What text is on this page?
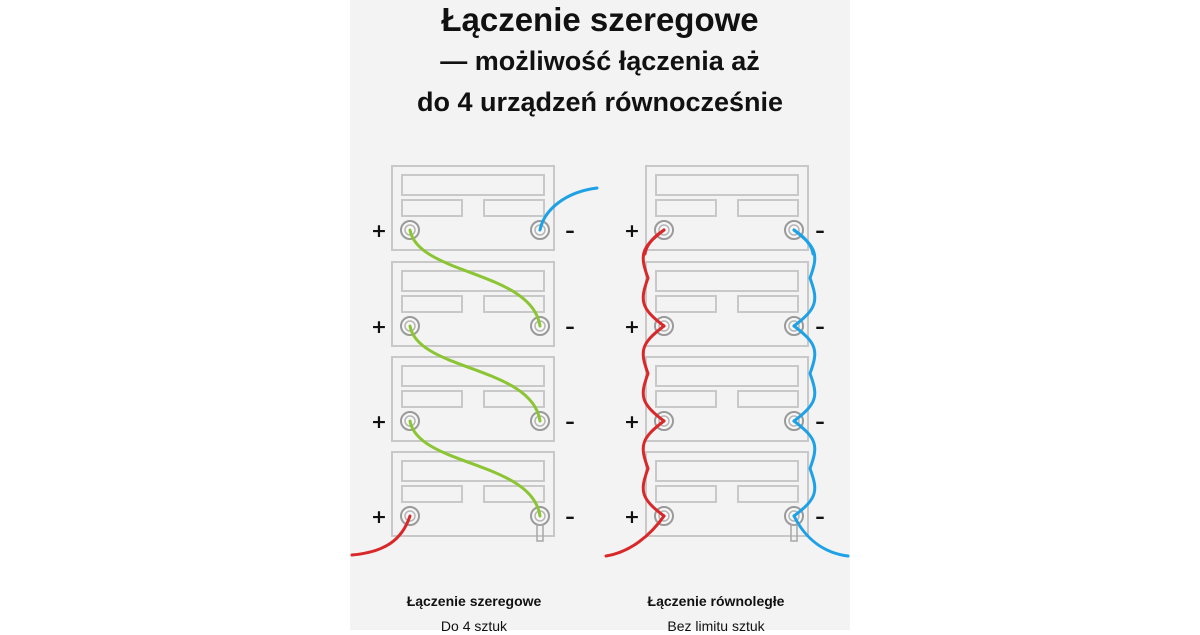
Łączenie szeregowe
— możliwość łączenia aż
do 4 urządzeń równocześnie
+	–
+	–
+	–
+	–
+	–
+	–
+	–
+	–
Łączenie szeregowe
Do 4 sztuk
Łączenie równoległe
Bez limitu sztuk
